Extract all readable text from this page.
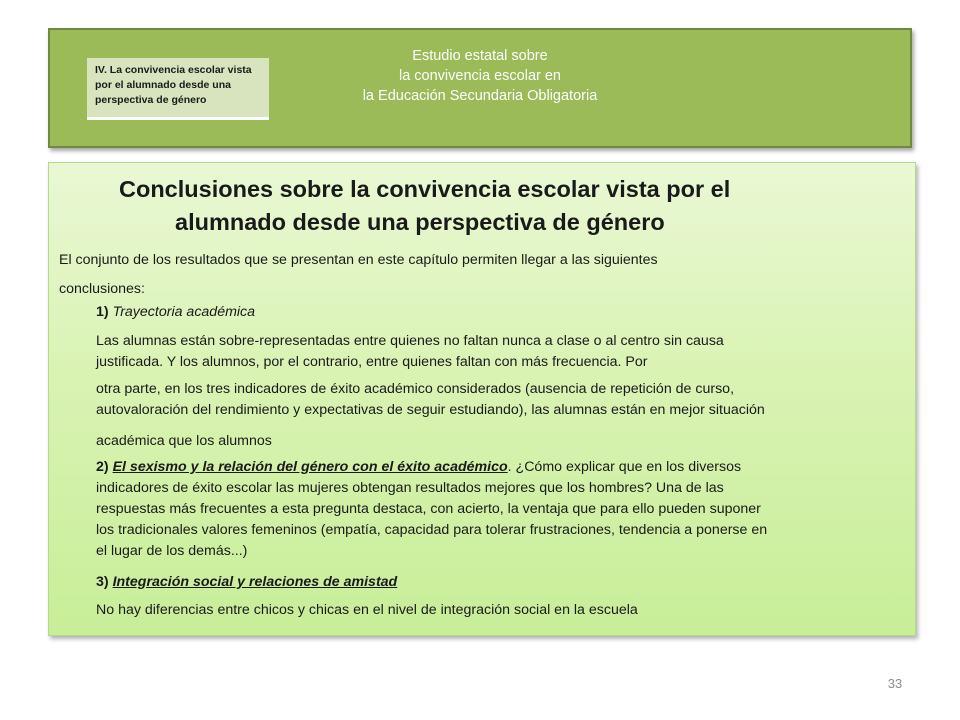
IV. La convivencia escolar vista por el alumnado desde una perspectiva de género
Estudio estatal sobre
la convivencia escolar en
la Educación Secundaria Obligatoria
Conclusiones sobre la convivencia escolar vista por el
alumnado desde una perspectiva de género
El conjunto de los resultados que se presentan en este capítulo permiten llegar a las siguientes
conclusiones:
1) Trayectoria académica
Las alumnas están sobre-representadas entre quienes no faltan nunca a clase o al centro sin causa
justificada. Y los alumnos, por el contrario, entre quienes faltan con más frecuencia. Por
otra parte, en los tres indicadores de éxito académico considerados (ausencia de repetición de curso,
autovaloración del rendimiento y expectativas de seguir estudiando), las alumnas están en mejor situación
académica que los alumnos
2) El sexismo y la relación del género con el éxito académico. ¿Cómo explicar que en los diversos
indicadores de éxito escolar las mujeres obtengan resultados mejores que los hombres? Una de las
respuestas más frecuentes a esta pregunta destaca, con acierto, la ventaja que para ello pueden suponer
los tradicionales valores femeninos (empatía, capacidad para tolerar frustraciones, tendencia a ponerse en
el lugar de los demás...)
3) Integración social y relaciones de amistad
No hay diferencias entre chicos y chicas en el nivel de integración social en la escuela
33
